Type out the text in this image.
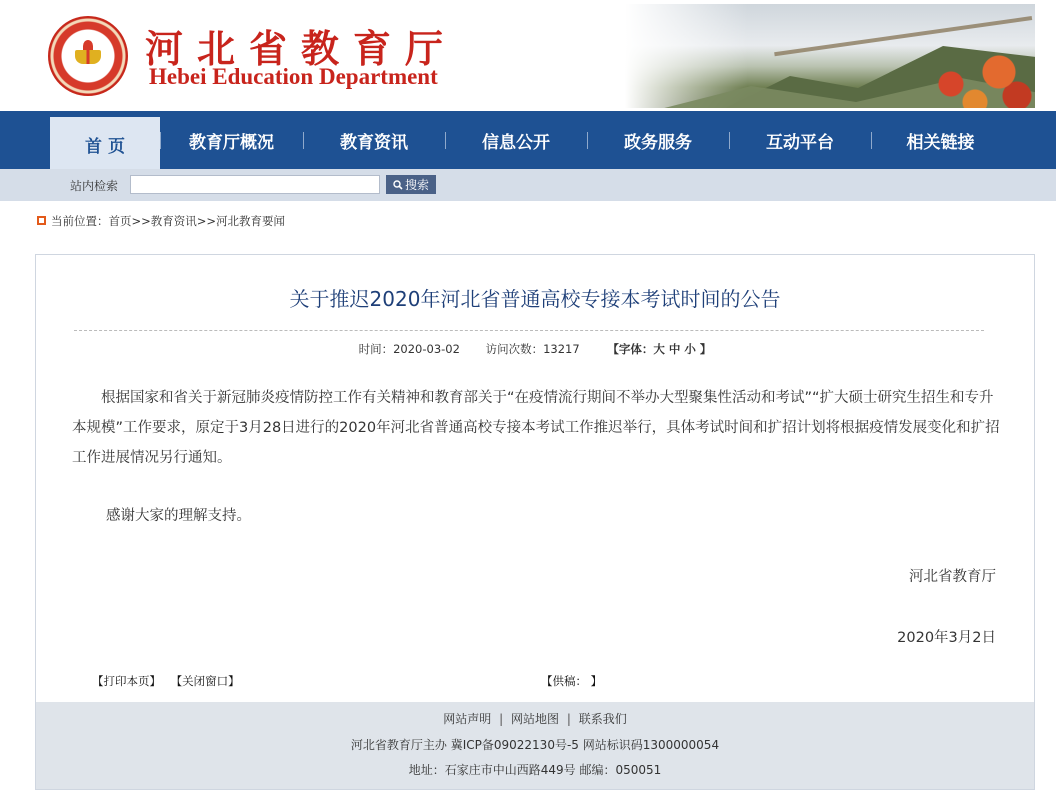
河北省教育厅
Hebei Education Department
首 页	教育厅概况	教育资讯	信息公开	政务服务	互动平台	相关链接
站内检索	搜索
当前位置： 首页 >> 教育资讯 >> 河北教育要闻
关于推迟2020年河北省普通高校专接本考试时间的公告
时间：2020-03-02 访问次数：13217 【字体：大 中 小 】

根据国家和省关于新冠肺炎疫情防控工作有关精神和教育部关于“在疫情流行期间不举办大型聚集性活动和考试”“扩大硕士研究生招生和专升本规模”工作要求，原定于3月28日进行的2020年河北省普通高校专接本考试工作推迟举行，具体考试时间和扩招计划将根据疫情发展变化和扩招工作进展情况另行通知。

感谢大家的理解支持。
河北省教育厅
2020年3月2日
【打印本页】 【关闭窗口】	【供稿： 】
网站声明 | 网站地图 | 联系我们
河北省教育厅主办 冀ICP备09022130号-5 网站标识码1300000054
地址：石家庄市中山西路449号 邮编：050051
